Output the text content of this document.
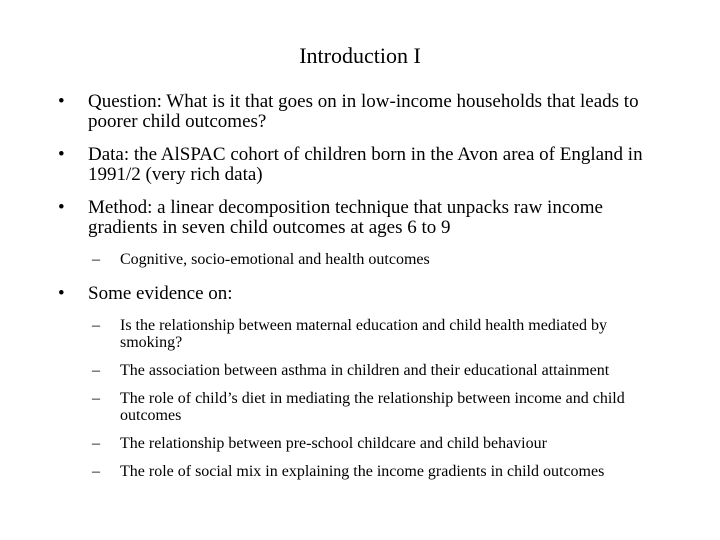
Introduction I
•	Question: What is it that goes on in low-income households that leads to poorer child outcomes?
•	Data: the AlSPAC cohort of children born in the Avon area of England in 1991/2 (very rich data)
•	Method: a linear decomposition technique that unpacks raw income gradients in seven child outcomes at ages 6 to 9
–	Cognitive, socio-emotional and health outcomes
•	Some evidence on:
–	Is the relationship between maternal education and child health mediated by smoking?
–	The association between asthma in children and their educational attainment
–	The role of child’s diet in mediating the relationship between income and child outcomes
–	The relationship between pre-school childcare and child behaviour
–	The role of social mix in explaining the income gradients in child outcomes
